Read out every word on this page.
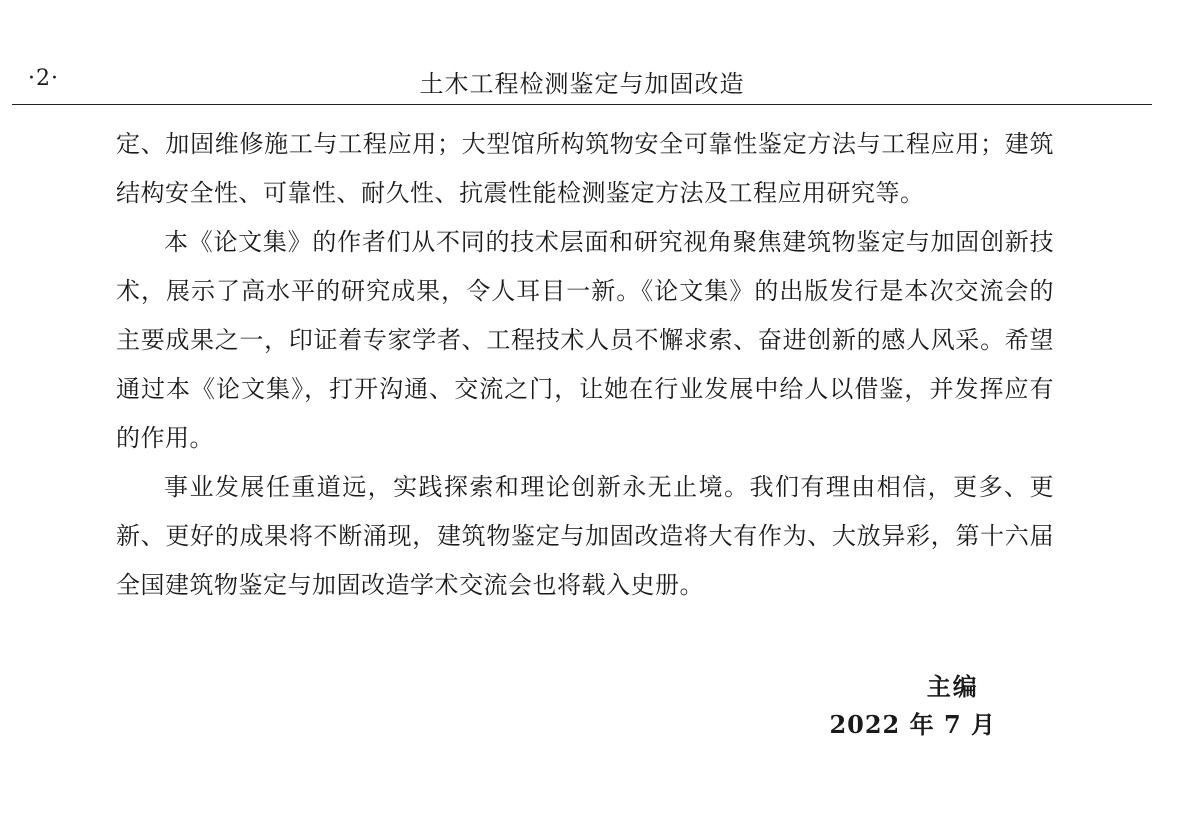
·2·	土木工程检测鉴定与加固改造

定、加固维修施工与工程应用；大型馆所构筑物安全可靠性鉴定方法与工程应用；建筑结构安全性、可靠性、耐久性、抗震性能检测鉴定方法及工程应用研究等。

本《论文集》的作者们从不同的技术层面和研究视角聚焦建筑物鉴定与加固创新技术，展示了高水平的研究成果，令人耳目一新。《论文集》的出版发行是本次交流会的主要成果之一，印证着专家学者、工程技术人员不懈求索、奋进创新的感人风采。希望通过本《论文集》，打开沟通、交流之门，让她在行业发展中给人以借鉴，并发挥应有的作用。

事业发展任重道远，实践探索和理论创新永无止境。我们有理由相信，更多、更新、更好的成果将不断涌现，建筑物鉴定与加固改造将大有作为、大放异彩，第十六届全国建筑物鉴定与加固改造学术交流会也将载入史册。

主编
2022 年 7 月
